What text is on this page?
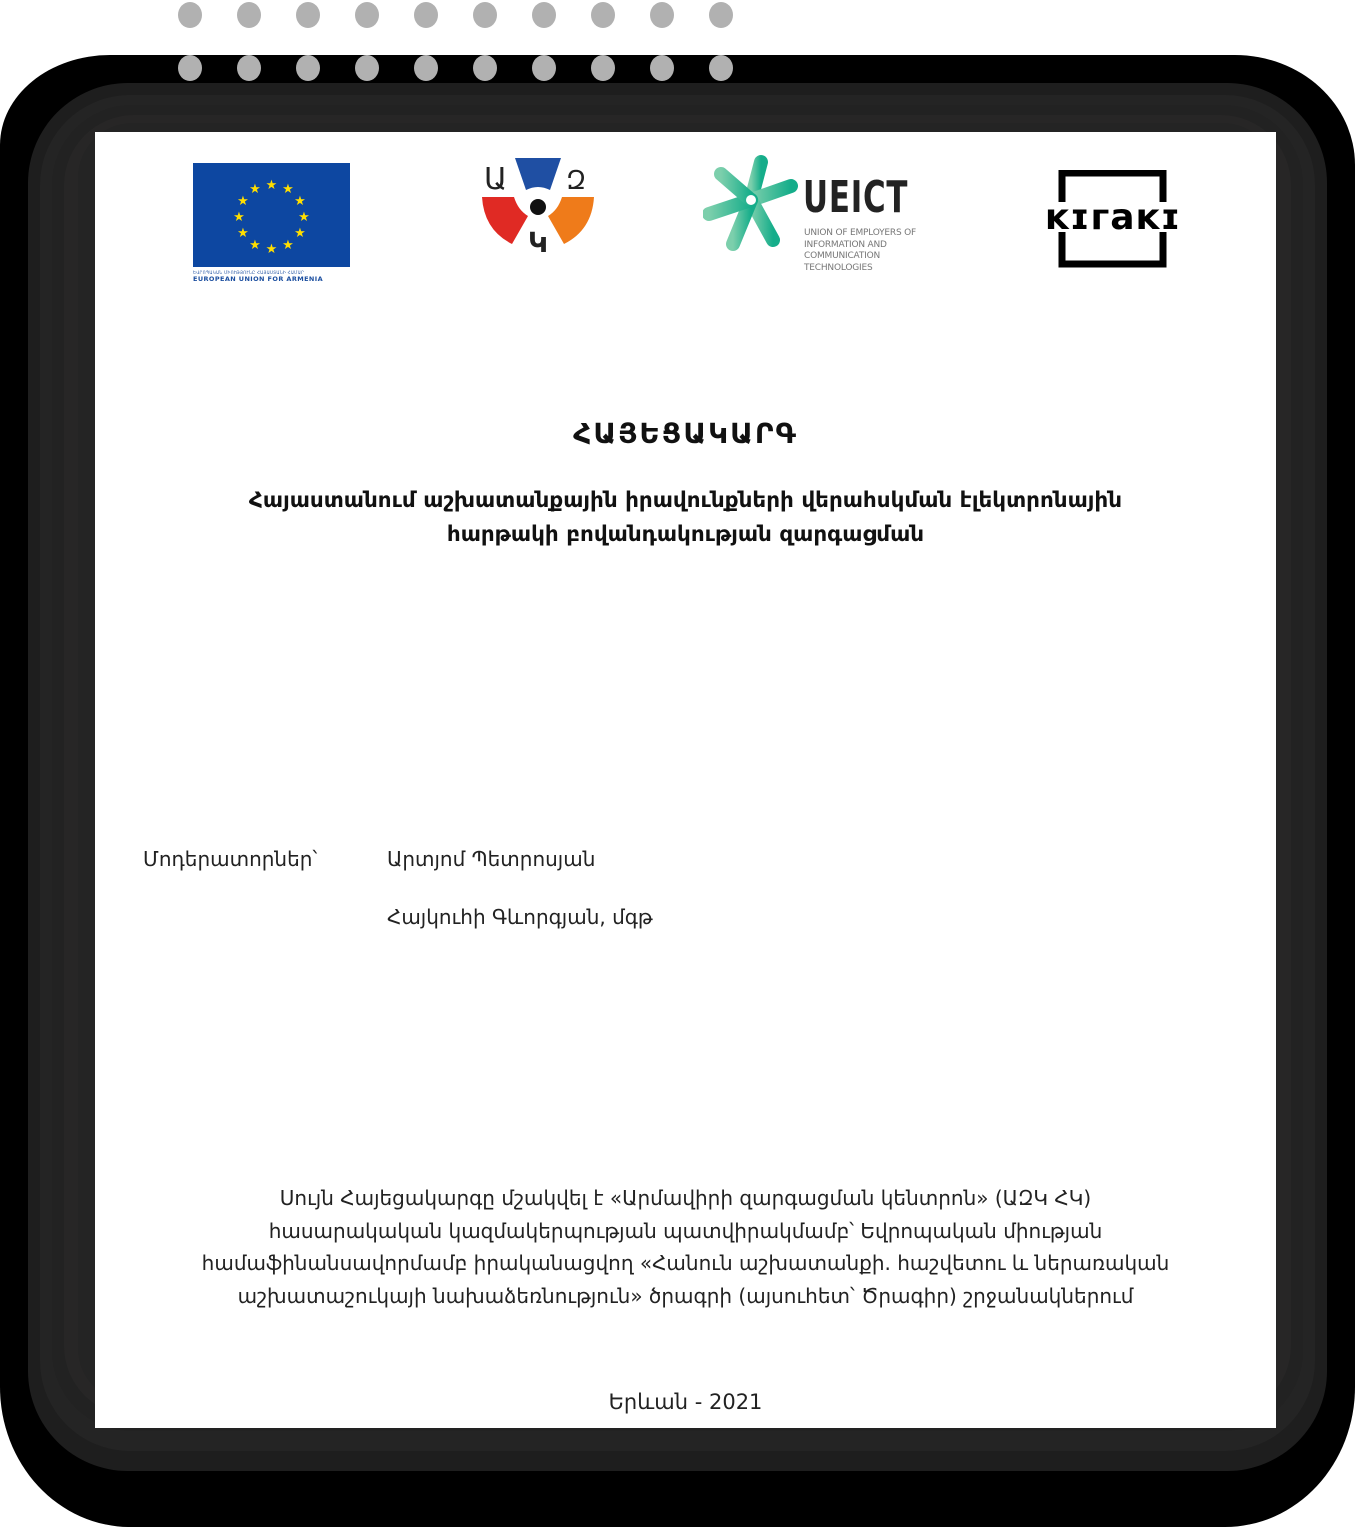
★ ★
★
★
★
★
★
★
★
★
★
★
ԵՎՐՈՊԱԿԱՆ ՄԻՈՒԹՅՈՒՆԸ ՀԱՅԱՍՏԱՆԻ ՀԱՄԱՐ
EUROPEAN UNION FOR ARMENIA
Ա Զ
Կ
UEICT
UNION OF EMPLOYERS OF INFORMATION AND COMMUNICATION TECHNOLOGIES
ĸɪгaĸɪ
ՀԱՅԵՑԱԿԱՐԳ
Հայաստանում աշխատանքային իրավունքների վերահսկման էլեկտրոնային
հարթակի բովանդակության զարգացման
Մոդերատորներ՝	Արտյոմ Պետրոսյան
Հայկուհի Գևորգյան, մգթ
Սույն Հայեցակարգը մշակվել է «Արմավիրի զարգացման կենտրոն» (ԱԶԿ ՀԿ)
հասարակական կազմակերպության պատվիրակմամբ՝ Եվրոպական միության
համաֆինանսավորմամբ իրականացվող «Հանուն աշխատանքի. հաշվետու և ներառական
աշխատաշուկայի նախաձեռնություն» ծրագրի (այսուհետ՝ Ծրագիր) շրջանակներում
Երևան - 2021
